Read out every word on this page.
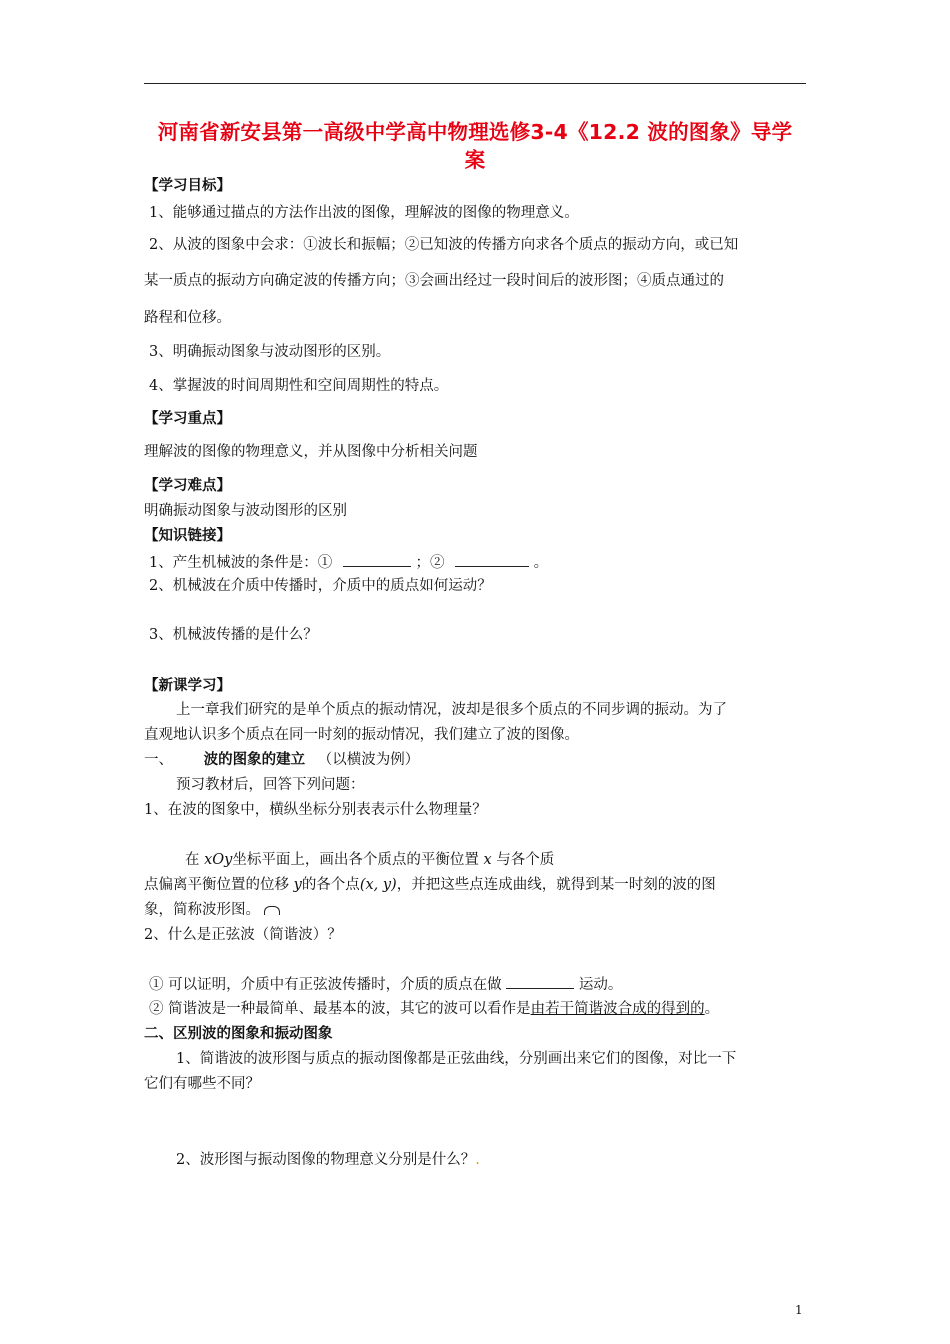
河南省新安县第一高级中学高中物理选修3-4《12.2 波的图象》导学
案
【学习目标】
1、能够通过描点的方法作出波的图像，理解波的图像的物理意义。
2、从波的图象中会求：①波长和振幅；②已知波的传播方向求各个质点的振动方向，或已知
某一质点的振动方向确定波的传播方向；③会画出经过一段时间后的波形图；④质点通过的
路程和位移。
3、明确振动图象与波动图形的区别。
4、掌握波的时间周期性和空间周期性的特点。
【学习重点】
理解波的图像的物理意义，并从图像中分析相关问题
【学习难点】
明确振动图象与波动图形的区别
【知识链接】
1、产生机械波的条件是：①	；②	。
2、机械波在介质中传播时，介质中的质点如何运动？
3、机械波传播的是什么？
【新课学习】
上一章我们研究的是单个质点的振动情况，波却是很多个质点的不同步调的振动。为了
直观地认识多个质点在同一时刻的振动情况，我们建立了波的图像。
一、 波的图象的建立 （以横波为例）
预习教材后，回答下列问题：
1、在波的图象中，横纵坐标分别表表示什么物理量？
在 xOy坐标平面上，画出各个质点的平衡位置 x 与各个质
点偏离平衡位置的位移 y的各个点(x, y)，并把这些点连成曲线，就得到某一时刻的波的图
象，简称波形图。
2、什么是正弦波（简谐波）？
① 可以证明，介质中有正弦波传播时，介质的质点在做	运动。
② 简谐波是一种最简单、最基本的波，其它的波可以看作是由若干简谐波合成的得到的。
二、区别波的图象和振动图象
1、简谐波的波形图与质点的振动图像都是正弦曲线，分别画出来它们的图像，对比一下
它们有哪些不同？
2、波形图与振动图像的物理意义分别是什么？.
1
